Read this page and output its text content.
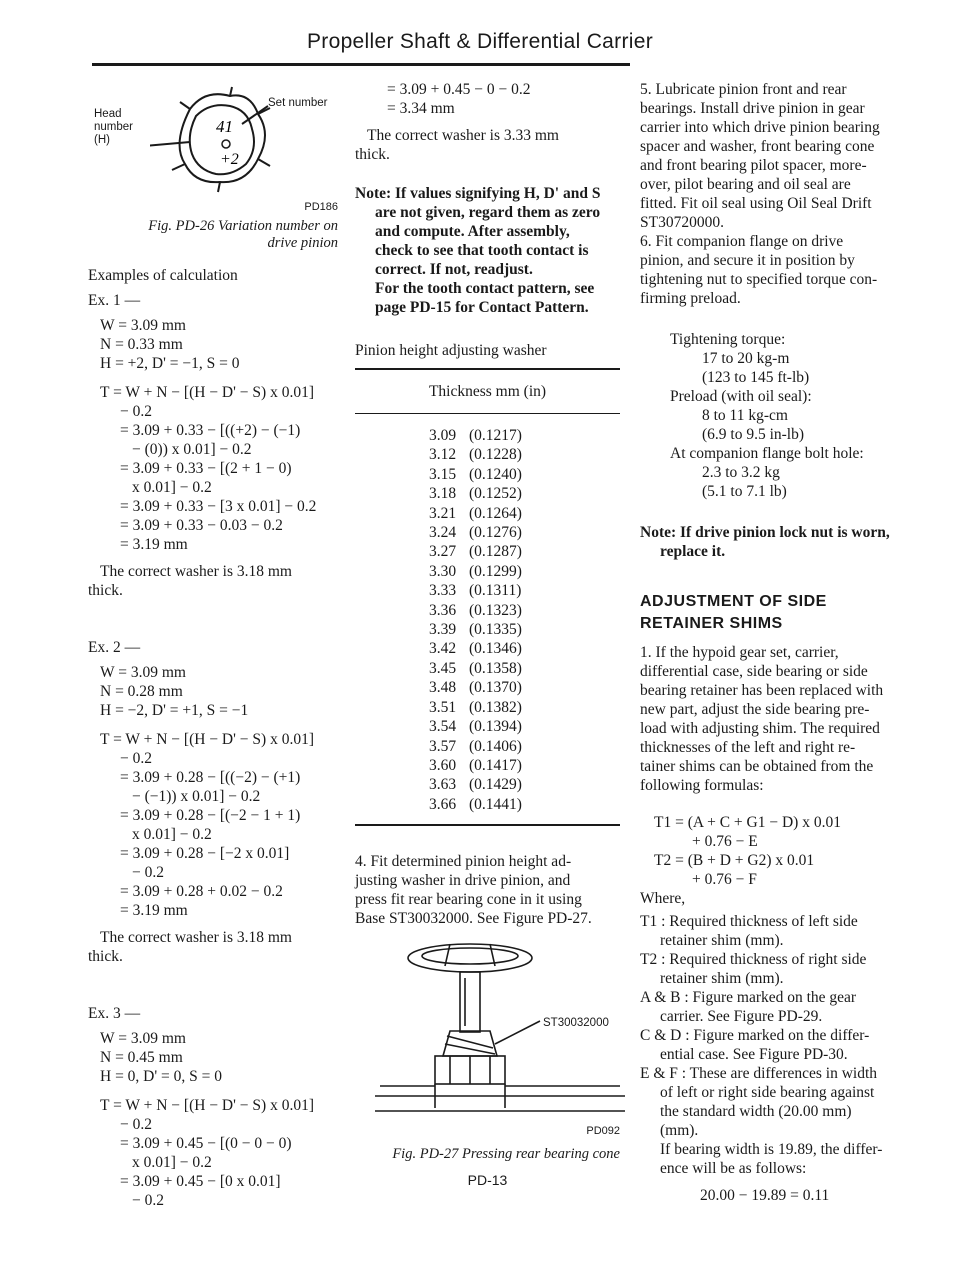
Propeller Shaft & Differential Carrier
Head
number
(H)
Set number
41
+2
PD186
Fig. PD-26 Variation number on
drive pinion

Examples of calculation

Ex. 1 —

W = 3.09 mm

N = 0.33 mm

H = +2, D' = −1, S = 0

T = W + N − [(H − D' − S) x 0.01]

− 0.2

= 3.09 + 0.33 − [((+2) − (−1)

− (0)) x 0.01] − 0.2

= 3.09 + 0.33 − [(2 + 1 − 0)

x 0.01] − 0.2

= 3.09 + 0.33 − [3 x 0.01] − 0.2

= 3.09 + 0.33 − 0.03 − 0.2

= 3.19 mm

The correct washer is 3.18 mm

thick.

Ex. 2 —

W = 3.09 mm

N = 0.28 mm

H = −2, D' = +1, S = −1

T = W + N − [(H − D' − S) x 0.01]

− 0.2

= 3.09 + 0.28 − [((−2) − (+1)

− (−1)) x 0.01] − 0.2

= 3.09 + 0.28 − [(−2 − 1 + 1)

x 0.01] − 0.2

= 3.09 + 0.28 − [−2 x 0.01]

− 0.2

= 3.09 + 0.28 + 0.02 − 0.2

= 3.19 mm

The correct washer is 3.18 mm

thick.

Ex. 3 —

W = 3.09 mm

N = 0.45 mm

H = 0, D' = 0, S = 0

T = W + N − [(H − D' − S) x 0.01]

− 0.2

= 3.09 + 0.45 − [(0 − 0 − 0)

x 0.01] − 0.2

= 3.09 + 0.45 − [0 x 0.01]

− 0.2

= 3.09 + 0.45 − 0 − 0.2

= 3.34 mm

The correct washer is 3.33 mm

thick.

Note: If values signifying H, D' and S

are not given, regard them as zero

and compute. After assembly,

check to see that tooth contact is

correct. If not, readjust.

For the tooth contact pattern, see

page PD-15 for Contact Pattern.

Pinion height adjusting washer

Thickness mm (in)

3.09 (0.1217)
3.12 (0.1228)
3.15 (0.1240)
3.18 (0.1252)
3.21 (0.1264)
3.24 (0.1276)
3.27 (0.1287)
3.30 (0.1299)
3.33 (0.1311)
3.36 (0.1323)
3.39 (0.1335)
3.42 (0.1346)
3.45 (0.1358)
3.48 (0.1370)
3.51 (0.1382)
3.54 (0.1394)
3.57 (0.1406)
3.60 (0.1417)
3.63 (0.1429)
3.66 (0.1441)

4. Fit determined pinion height ad-

justing washer in drive pinion, and

press fit rear bearing cone in it using

Base ST30032000. See Figure PD-27.

ST30032000
PD092

Fig. PD-27 Pressing rear bearing cone

PD-13

5. Lubricate pinion front and rear

bearings. Install drive pinion in gear

carrier into which drive pinion bearing

spacer and washer, front bearing cone

and front bearing pilot spacer, more-

over, pilot bearing and oil seal are

fitted. Fit oil seal using Oil Seal Drift

ST30720000.

6. Fit companion flange on drive

pinion, and secure it in position by

tightening nut to specified torque con-

firming preload.

Tightening torque:

17 to 20 kg-m

(123 to 145 ft-lb)

Preload (with oil seal):

8 to 11 kg-cm

(6.9 to 9.5 in-lb)

At companion flange bolt hole:

2.3 to 3.2 kg

(5.1 to 7.1 lb)

Note: If drive pinion lock nut is worn,

replace it.

ADJUSTMENT OF SIDE
RETAINER SHIMS

1. If the hypoid gear set, carrier,

differential case, side bearing or side

bearing retainer has been replaced with

new part, adjust the side bearing pre-

load with adjusting shim. The required

thicknesses of the left and right re-

tainer shims can be obtained from the

following formulas:

T1 = (A + C + G1 − D) x 0.01

+ 0.76 − E

T2 = (B + D + G2) x 0.01

+ 0.76 − F

Where,

T1 : Required thickness of left side

retainer shim (mm).

T2 : Required thickness of right side

retainer shim (mm).

A & B : Figure marked on the gear

carrier. See Figure PD-29.

C & D : Figure marked on the differ-

ential case. See Figure PD-30.

E & F : These are differences in width

of left or right side bearing against

the standard width (20.00 mm)

(mm).

If bearing width is 19.89, the differ-

ence will be as follows:

20.00 − 19.89 = 0.11
